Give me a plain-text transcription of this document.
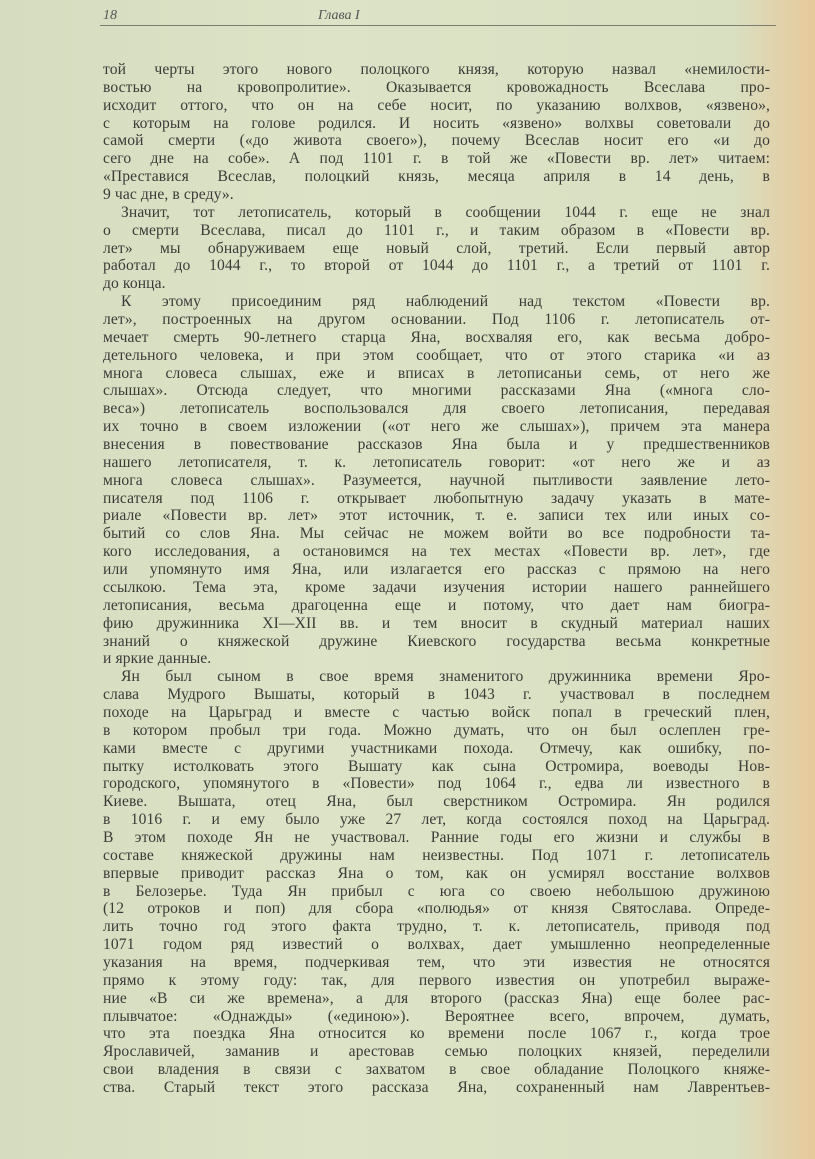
18	Глава I
той черты этого нового полоцкого князя, которую назвал «немилости-
востью на кровопролитие». Оказывается кровожадность Всеслава про-
исходит оттого, что он на себе носит, по указанию волхвов, «язвено»,
с которым на голове родился. И носить «язвено» волхвы советовали до
самой смерти («до живота своего»), почему Всеслав носит его «и до
сего дне на собе». А под 1101 г. в той же «Повести вр. лет» читаем:
«Преставися Всеслав, полоцкий князь, месяца априля в 14 день, в
9 час дне, в среду».
Значит, тот летописатель, который в сообщении 1044 г. еще не знал
о смерти Всеслава, писал до 1101 г., и таким образом в «Повести вр.
лет» мы обнаруживаем еще новый слой, третий. Если первый автор
работал до 1044 г., то второй от 1044 до 1101 г., а третий от 1101 г.
до конца.
К этому присоединим ряд наблюдений над текстом «Повести вр.
лет», построенных на другом основании. Под 1106 г. летописатель от-
мечает смерть 90-летнего старца Яна, восхваляя его, как весьма добро-
детельного человека, и при этом сообщает, что от этого старика «и аз
многа словеса слышах, еже и вписах в летописаньи семь, от него же
слышах». Отсюда следует, что многими рассказами Яна («многа сло-
веса») летописатель воспользовался для своего летописания, передавая
их точно в своем изложении («от него же слышах»), причем эта манера
внесения в повествование рассказов Яна была и у предшественников
нашего летописателя, т. к. летописатель говорит: «от него же и аз
многа словеса слышах». Разумеется, научной пытливости заявление лето-
писателя под 1106 г. открывает любопытную задачу указать в мате-
риале «Повести вр. лет» этот источник, т. е. записи тех или иных со-
бытий со слов Яна. Мы сейчас не можем войти во все подробности та-
кого исследования, а остановимся на тех местах «Повести вр. лет», где
или упомянуто имя Яна, или излагается его рассказ с прямою на него
ссылкою. Тема эта, кроме задачи изучения истории нашего раннейшего
летописания, весьма драгоценна еще и потому, что дает нам биогра-
фию дружинника XI—XII вв. и тем вносит в скудный материал наших
знаний о княжеской дружине Киевского государства весьма конкретные
и яркие данные.
Ян был сыном в свое время знаменитого дружинника времени Яро-
слава Мудрого Вышаты, который в 1043 г. участвовал в последнем
походе на Царьград и вместе с частью войск попал в греческий плен,
в котором пробыл три года. Можно думать, что он был ослеплен гре-
ками вместе с другими участниками похода. Отмечу, как ошибку, по-
пытку истолковать этого Вышату как сына Остромира, воеводы Нов-
городского, упомянутого в «Повести» под 1064 г., едва ли известного в
Киеве. Вышата, отец Яна, был сверстником Остромира. Ян родился
в 1016 г. и ему было уже 27 лет, когда состоялся поход на Царьград.
В этом походе Ян не участвовал. Ранние годы его жизни и службы в
составе княжеской дружины нам неизвестны. Под 1071 г. летописатель
впервые приводит рассказ Яна о том, как он усмирял восстание волхвов
в Белозерье. Туда Ян прибыл с юга со своею небольшою дружиною
(12 отроков и поп) для сбора «полюдья» от князя Святослава. Опреде-
лить точно год этого факта трудно, т. к. летописатель, приводя под
1071 годом ряд известий о волхвах, дает умышленно неопределенные
указания на время, подчеркивая тем, что эти известия не относятся
прямо к этому году: так, для первого известия он употребил выраже-
ние «В си же времена», а для второго (рассказ Яна) еще более рас-
плывчатое: «Однажды» («единою»). Вероятнее всего, впрочем, думать,
что эта поездка Яна относится ко времени после 1067 г., когда трое
Ярославичей, заманив и арестовав семью полоцких князей, переделили
свои владения в связи с захватом в свое обладание Полоцкого княже-
ства. Старый текст этого рассказа Яна, сохраненный нам Лаврентьев-
